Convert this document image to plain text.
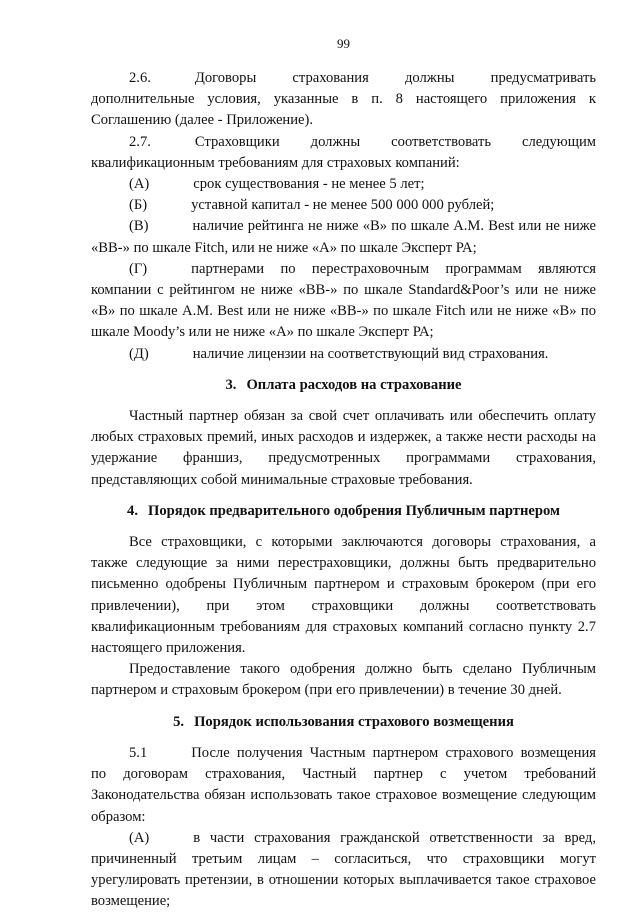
99

2.6.	Договоры страхования должны предусматривать дополнительные условия, указанные в п. 8 настоящего приложения к Соглашению (далее - Приложение).

2.7.	Страховщики должны соответствовать следующим квалификационным требованиям для страховых компаний:

(А)	срок существования - не менее 5 лет;

(Б)	уставной капитал - не менее 500 000 000 рублей;

(В)	наличие рейтинга не ниже «B» по шкале A.M. Best или не ниже «BB-» по шкале Fitch, или не ниже «А» по шкале Эксперт РА;

(Г)	партнерами по перестраховочным программам являются компании с рейтингом не ниже «BB-» по шкале Standard&Poor’s или не ниже «B» по шкале A.M. Best или не ниже «BB-» по шкале Fitch или не ниже «B» по шкале Moody’s или не ниже «А» по шкале Эксперт РА;

(Д)	наличие лицензии на соответствующий вид страхования.

3. Оплата расходов на страхование

Частный партнер обязан за свой счет оплачивать или обеспечить оплату любых страховых премий, иных расходов и издержек, а также нести расходы на удержание франшиз, предусмотренных программами страхования, представляющих собой минимальные страховые требования.

4. Порядок предварительного одобрения Публичным партнером

Все страховщики, с которыми заключаются договоры страхования, а также следующие за ними перестраховщики, должны быть предварительно письменно одобрены Публичным партнером и страховым брокером (при его привлечении), при этом страховщики должны соответствовать квалификационным требованиям для страховых компаний согласно пункту 2.7 настоящего приложения.

Предоставление такого одобрения должно быть сделано Публичным партнером и страховым брокером (при его привлечении) в течение 30 дней.

5. Порядок использования страхового возмещения

5.1	После получения Частным партнером страхового возмещения по договорам страхования, Частный партнер с учетом требований Законодательства обязан использовать такое страховое возмещение следующим образом:

(А)	в части страхования гражданской ответственности за вред, причиненный третьим лицам – согласиться, что страховщики могут урегулировать претензии, в отношении которых выплачивается такое страховое возмещение;
